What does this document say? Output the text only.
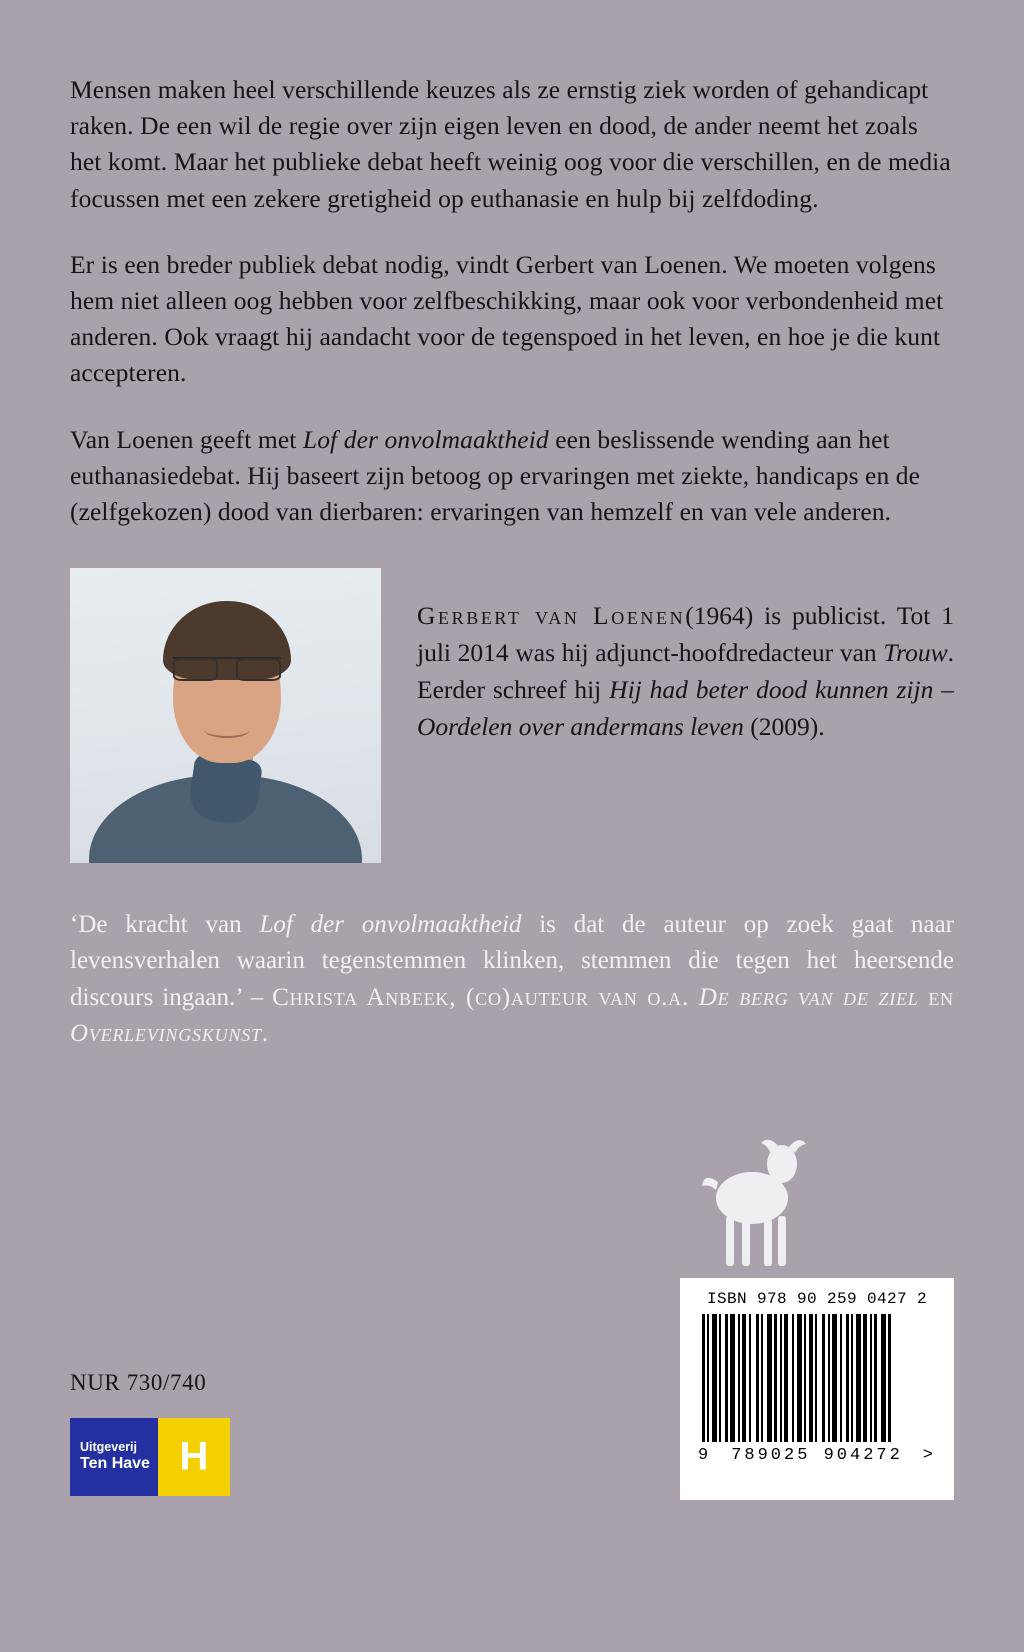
Mensen maken heel verschillende keuzes als ze ernstig ziek worden of gehandicapt raken. De een wil de regie over zijn eigen leven en dood, de ander neemt het zoals het komt. Maar het publieke debat heeft weinig oog voor die verschillen, en de media focussen met een zekere gretigheid op euthanasie en hulp bij zelfdoding.

Er is een breder publiek debat nodig, vindt Gerbert van Loenen. We moeten volgens hem niet alleen oog hebben voor zelfbeschikking, maar ook voor verbondenheid met anderen. Ook vraagt hij aandacht voor de tegenspoed in het leven, en hoe je die kunt accepteren.

Van Loenen geeft met Lof der onvolmaaktheid een beslissende wending aan het euthanasiedebat. Hij baseert zijn betoog op ervaringen met ziekte, handicaps en de (zelfgekozen) dood van dierbaren: ervaringen van hemzelf en van vele anderen.

Gerbert van Loenen(1964) is publicist. Tot 1 juli 2014 was hij adjunct-hoofdredacteur van Trouw. Eerder schreef hij Hij had beter dood kunnen zijn – Oordelen over andermans leven (2009).
‘De kracht van Lof der onvolmaaktheid is dat de auteur op zoek gaat naar levensverhalen waarin tegenstemmen klinken, stemmen die tegen het heersende discours ingaan.’ – Christa Anbeek, (co)auteur van o.a. De berg van de ziel en Overlevingskunst.
ISBN 978 90 259 0427 2
9 789025 904272 >
NUR 730/740
Uitgeverij
Ten Have H
